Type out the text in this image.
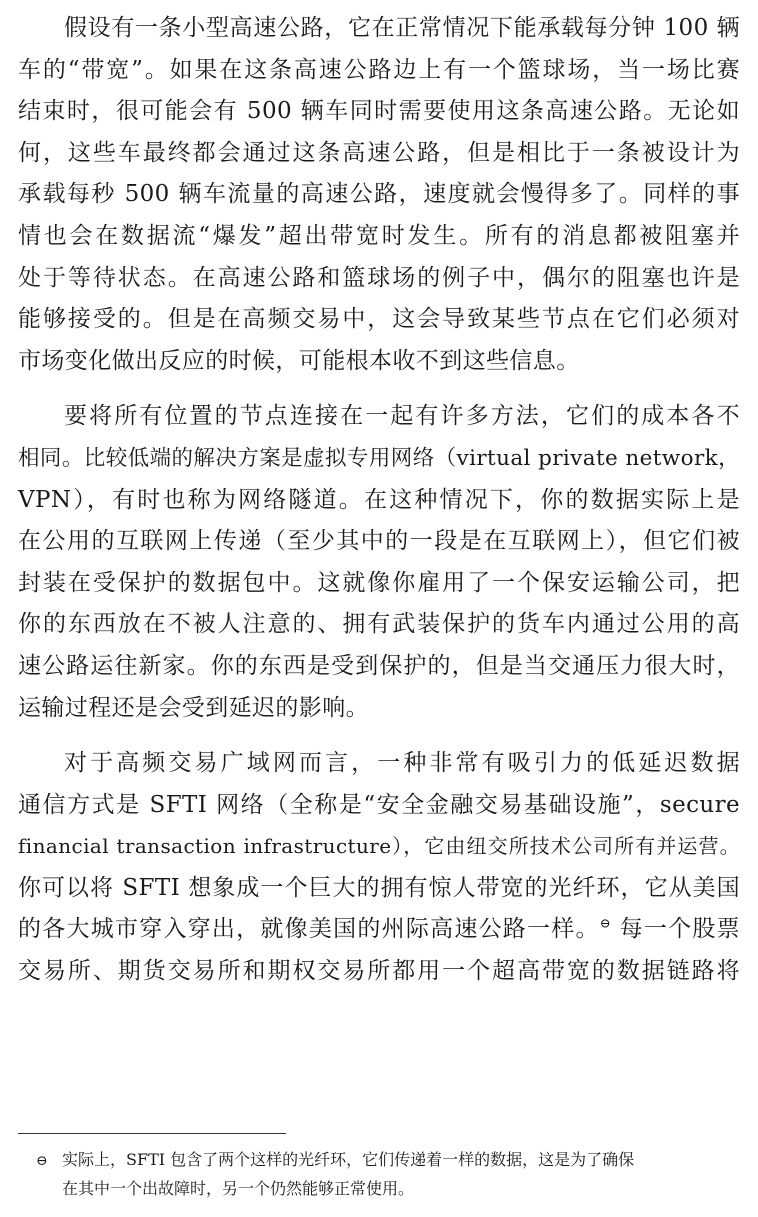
假设有一条小型高速公路，它在正常情况下能承载每分钟 100 辆

车的“带宽”。如果在这条高速公路边上有一个篮球场，当一场比赛

结束时，很可能会有 500 辆车同时需要使用这条高速公路。无论如

何，这些车最终都会通过这条高速公路，但是相比于一条被设计为

承载每秒 500 辆车流量的高速公路，速度就会慢得多了。同样的事

情也会在数据流“爆发”超出带宽时发生。所有的消息都被阻塞并

处于等待状态。在高速公路和篮球场的例子中，偶尔的阻塞也许是

能够接受的。但是在高频交易中，这会导致某些节点在它们必须对

市场变化做出反应的时候，可能根本收不到这些信息。

要将所有位置的节点连接在一起有许多方法，它们的成本各不

相同。比较低端的解决方案是虚拟专用网络（virtual private network，

VPN），有时也称为网络隧道。在这种情况下，你的数据实际上是

在公用的互联网上传递（至少其中的一段是在互联网上），但它们被

封装在受保护的数据包中。这就像你雇用了一个保安运输公司，把

你的东西放在不被人注意的、拥有武装保护的货车内通过公用的高

速公路运往新家。你的东西是受到保护的，但是当交通压力很大时，

运输过程还是会受到延迟的影响。

对于高频交易广域网而言，一种非常有吸引力的低延迟数据

通信方式是 SFTI 网络（全称是“安全金融交易基础设施”，secure

financial transaction infrastructure），它由纽交所技术公司所有并运营。

你可以将 SFTI 想象成一个巨大的拥有惊人带宽的光纤环，它从美国

的各大城市穿入穿出，就像美国的州际高速公路一样。⊖ 每一个股票

交易所、期货交易所和期权交易所都用一个超高带宽的数据链路将

⊖ 实际上，SFTI 包含了两个这样的光纤环，它们传递着一样的数据，这是为了确保

在其中一个出故障时，另一个仍然能够正常使用。
